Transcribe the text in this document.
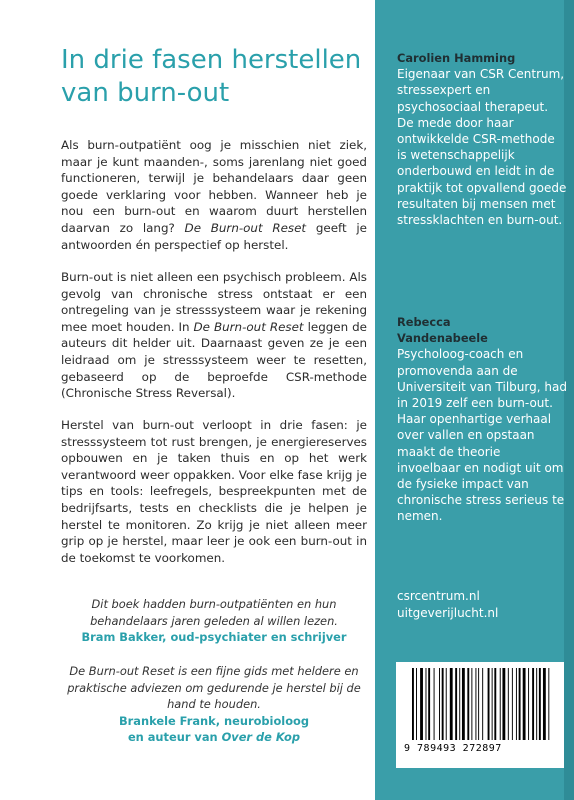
In drie fasen herstellen van burn-out

Als burn-outpatiënt oog je misschien niet ziek, maar je kunt maanden-, soms jarenlang niet goed functioneren, terwijl je behandelaars daar geen goede verklaring voor hebben. Wanneer heb je nou een burn-out en waarom duurt herstellen daarvan zo lang? De Burn-out Reset geeft je antwoorden én perspectief op herstel.

Burn-out is niet alleen een psychisch probleem. Als gevolg van chronische stress ontstaat er een ontregeling van je stresssysteem waar je rekening mee moet houden. In De Burn-out Reset leggen de auteurs dit helder uit. Daarnaast geven ze je een leidraad om je stresssysteem weer te resetten, gebaseerd op de beproefde CSR-methode (Chronische Stress Reversal).

Herstel van burn-out verloopt in drie fasen: je stresssysteem tot rust brengen, je energiereserves opbouwen en je taken thuis en op het werk verantwoord weer oppakken. Voor elke fase krijg je tips en tools: leefregels, bespreekpunten met de bedrijfsarts, tests en checklists die je helpen je herstel te monitoren. Zo krijg je niet alleen meer grip op je herstel, maar leer je ook een burn-out in de toekomst te voorkomen.

Dit boek hadden burn-outpatiënten en hun behandelaars jaren geleden al willen lezen.
Bram Bakker, oud-psychiater en schrijver
De Burn-out Reset is een fijne gids met heldere en praktische adviezen om gedurende je herstel bij de hand te houden.
Brankele Frank, neurobioloog
en auteur van Over de Kop
Carolien Hamming
Eigenaar van CSR Centrum, stressexpert en psychosociaal therapeut. De mede door haar ontwikkelde CSR-methode is wetenschappelijk onderbouwd en leidt in de praktijk tot opvallend goede resultaten bij mensen met stressklachten en burn-out.
Rebecca
Vandenabeele
Psycholoog-coach en promovenda aan de Universiteit van Tilburg, had in 2019 zelf een burn-out. Haar openhartige verhaal over vallen en opstaan maakt de theorie invoelbaar en nodigt uit om de fysieke impact van chronische stress serieus te nemen.
csrcentrum.nl
uitgeverijlucht.nl
9 789493 272897
